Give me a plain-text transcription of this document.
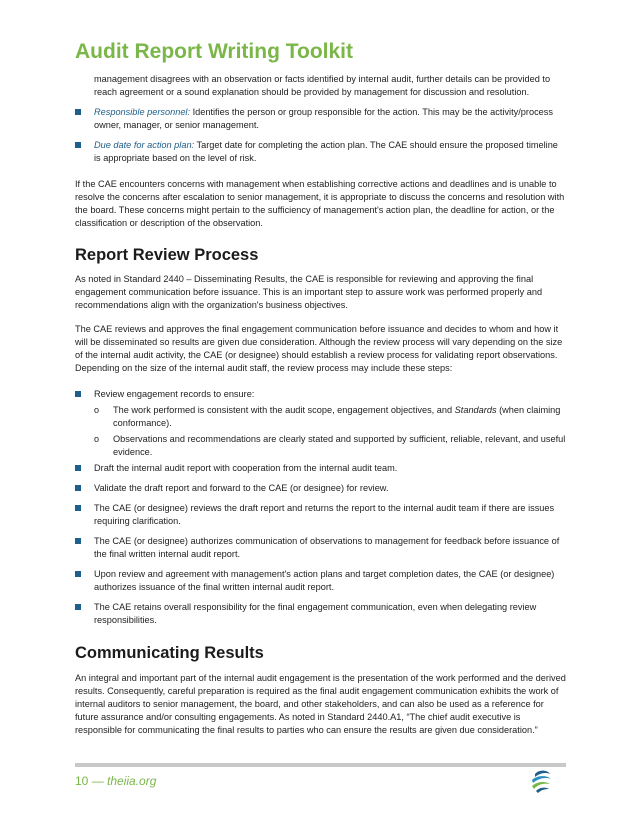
Audit Report Writing Toolkit

management disagrees with an observation or facts identified by internal audit, further details can be provided to reach agreement or a sound explanation should be provided by management for discussion and resolution.

Responsible personnel: Identifies the person or group responsible for the action. This may be the activity/process owner, manager, or senior management.
Due date for action plan: Target date for completing the action plan. The CAE should ensure the proposed timeline is appropriate based on the level of risk.

If the CAE encounters concerns with management when establishing corrective actions and deadlines and is unable to resolve the concerns after escalation to senior management, it is appropriate to discuss the concerns and resolution with the board. These concerns might pertain to the sufficiency of management's action plan, the deadline for action, or the classification or description of the observation.

Report Review Process

As noted in Standard 2440 – Disseminating Results, the CAE is responsible for reviewing and approving the final engagement communication before issuance. This is an important step to assure work was performed properly and recommendations align with the organization's business objectives.

The CAE reviews and approves the final engagement communication before issuance and decides to whom and how it will be disseminated so results are given due consideration. Although the review process will vary depending on the size of the internal audit activity, the CAE (or designee) should establish a review process for validating report observations. Depending on the size of the internal audit staff, the review process may include these steps:

Review engagement records to ensure:
o The work performed is consistent with the audit scope, engagement objectives, and Standards (when claiming conformance).
o Observations and recommendations are clearly stated and supported by sufficient, reliable, relevant, and useful evidence.
Draft the internal audit report with cooperation from the internal audit team.
Validate the draft report and forward to the CAE (or designee) for review.
The CAE (or designee) reviews the draft report and returns the report to the internal audit team if there are issues requiring clarification.
The CAE (or designee) authorizes communication of observations to management for feedback before issuance of the final written internal audit report.
Upon review and agreement with management's action plans and target completion dates, the CAE (or designee) authorizes issuance of the final written internal audit report.
The CAE retains overall responsibility for the final engagement communication, even when delegating review responsibilities.
Communicating Results

An integral and important part of the internal audit engagement is the presentation of the work performed and the derived results. Consequently, careful preparation is required as the final audit engagement communication exhibits the work of internal auditors to senior management, the board, and other stakeholders, and can also be used as a reference for future assurance and/or consulting engagements. As noted in Standard 2440.A1, “The chief audit executive is responsible for communicating the final results to parties who can ensure the results are given due consideration.”

10 — theiia.org
